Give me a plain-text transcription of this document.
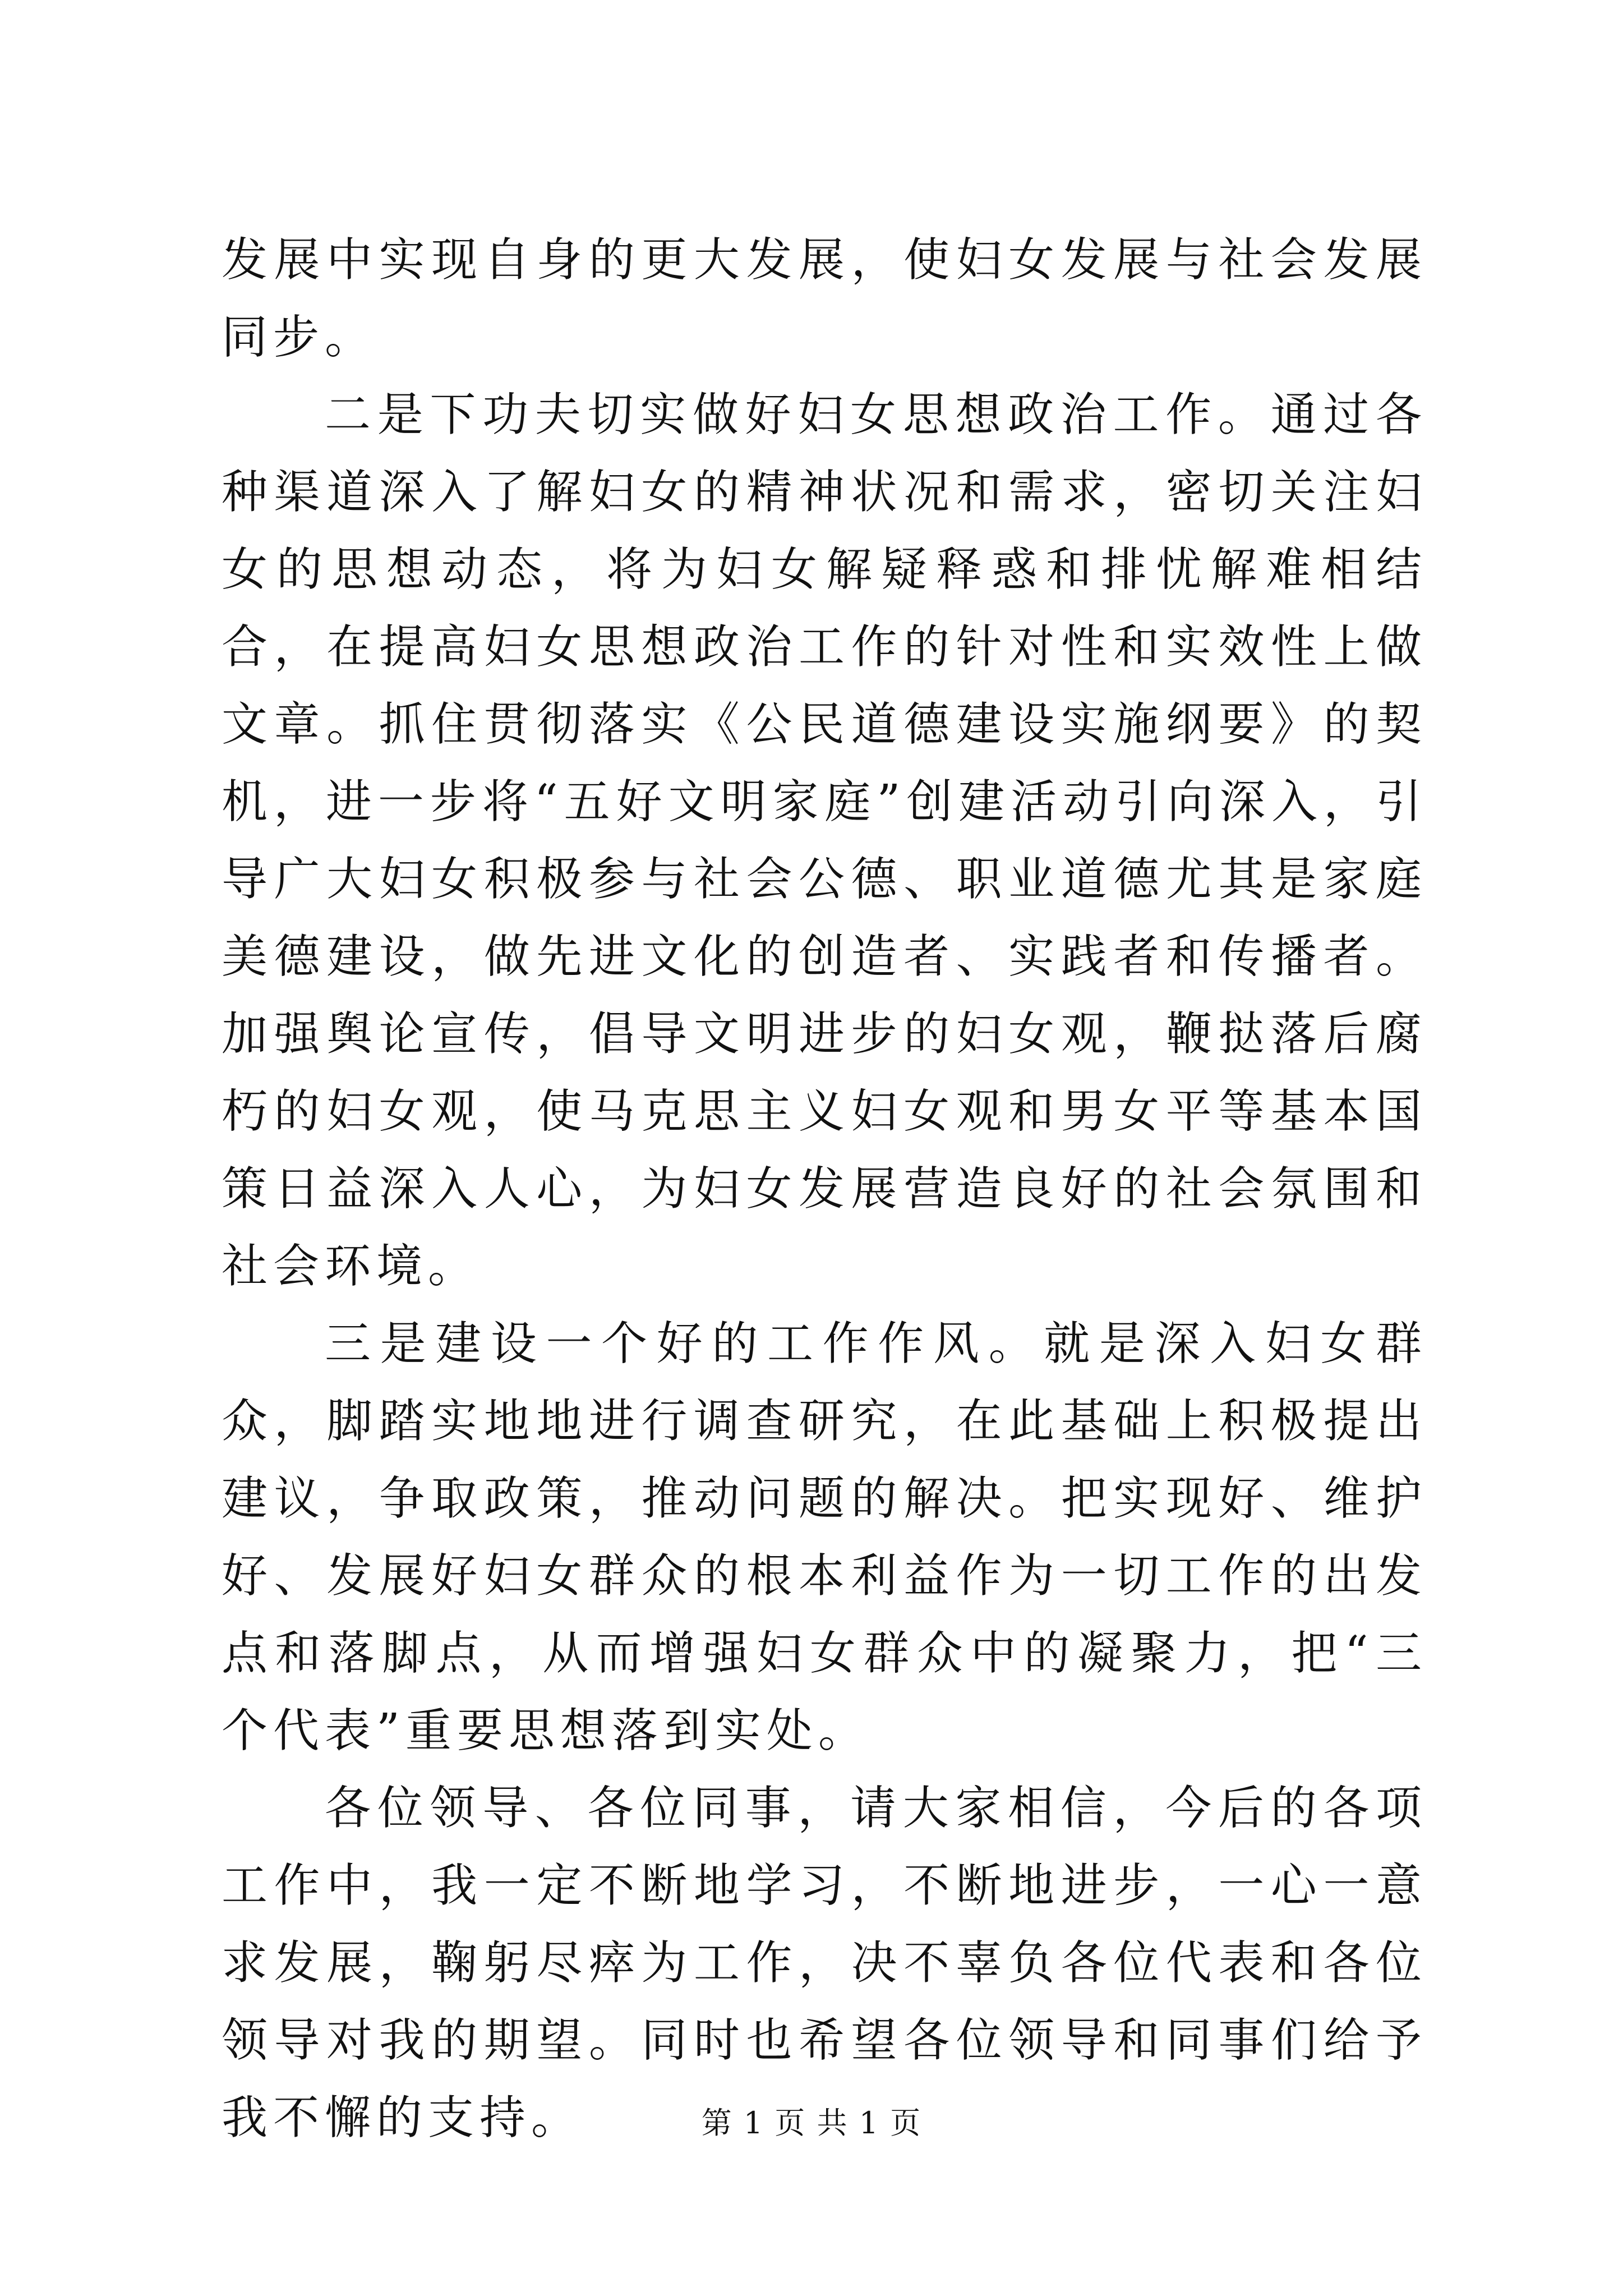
发展中实现自身的更大发展，使妇女发展与社会发展同步。

二是下功夫切实做好妇女思想政治工作。通过各种渠道深入了解妇女的精神状况和需求，密切关注妇女的思想动态，将为妇女解疑释惑和排忧解难相结合，在提高妇女思想政治工作的针对性和实效性上做文章。抓住贯彻落实《公民道德建设实施纲要》的契机，进一步将“五好文明家庭”创建活动引向深入，引导广大妇女积极参与社会公德、职业道德尤其是家庭美德建设，做先进文化的创造者、实践者和传播者。加强舆论宣传，倡导文明进步的妇女观，鞭挞落后腐朽的妇女观，使马克思主义妇女观和男女平等基本国策日益深入人心，为妇女发展营造良好的社会氛围和社会环境。

三是建设一个好的工作作风。就是深入妇女群众，脚踏实地地进行调查研究，在此基础上积极提出建议，争取政策，推动问题的解决。把实现好、维护好、发展好妇女群众的根本利益作为一切工作的出发点和落脚点，从而增强妇女群众中的凝聚力，把“三个代表”重要思想落到实处。

各位领导、各位同事，请大家相信，今后的各项工作中，我一定不断地学习，不断地进步，一心一意求发展，鞠躬尽瘁为工作，决不辜负各位代表和各位领导对我的期望。同时也希望各位领导和同事们给予我不懈的支持。	第 1 页 共 1 页
